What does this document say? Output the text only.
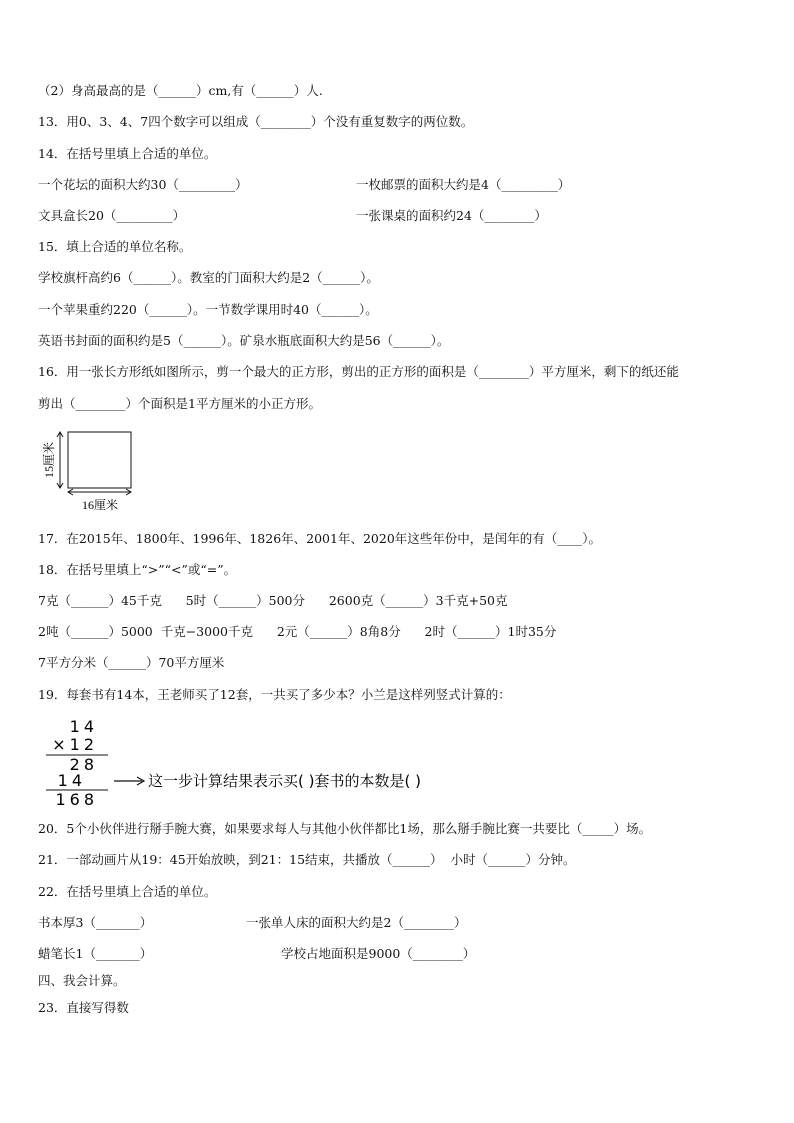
（2）身高最高的是（______）cm,有（______）人.
13．用0、3、4、7四个数字可以组成（________）个没有重复数字的两位数。
14．在括号里填上合适的单位。
一个花坛的面积大约30（_________）	一枚邮票的面积大约是4（_________）
文具盒长20（_________）	一张课桌的面积约24（________）
15．填上合适的单位名称。
学校旗杆高约6（______）。教室的门面积大约是2（______）。
一个苹果重约220（______）。一节数学课用时40（______）。
英语书封面的面积约是5（______）。矿泉水瓶底面积大约是56（______）。
16．用一张长方形纸如图所示，剪一个最大的正方形，剪出的正方形的面积是（________）平方厘米，剩下的纸还能
剪出（________）个面积是1平方厘米的小正方形。
15厘米
16厘米
17．在2015年、1800年、1996年、1826年、2001年、2020年这些年份中，是闰年的有（____）。
18．在括号里填上“>”“<”或“=”。
7克（______）45千克      5时（______）500分      2600克（______）3千克+50克
2吨（______）5000  千克−3000千克      2元（______）8角8分      2时（______）1时35分
7平方分米（______）70平方厘米
19．每套书有14本，王老师买了12套，一共买了多少本？小兰是这样列竖式计算的：
14
×12
28
14
168
这一步计算结果表示买( )套书的本数是( )
20．5个小伙伴进行掰手腕大赛，如果要求每人与其他小伙伴都比1场，那么掰手腕比赛一共要比（_____）场。
21．一部动画片从19：45开始放映，到21：15结束，共播放（______）  小时（______）分钟。
22．在括号里填上合适的单位。
书本厚3（_______）	一张单人床的面积大约是2（________）
蜡笔长1（_______）	学校占地面积是9000（________）
四、我会计算。
23．直接写得数
